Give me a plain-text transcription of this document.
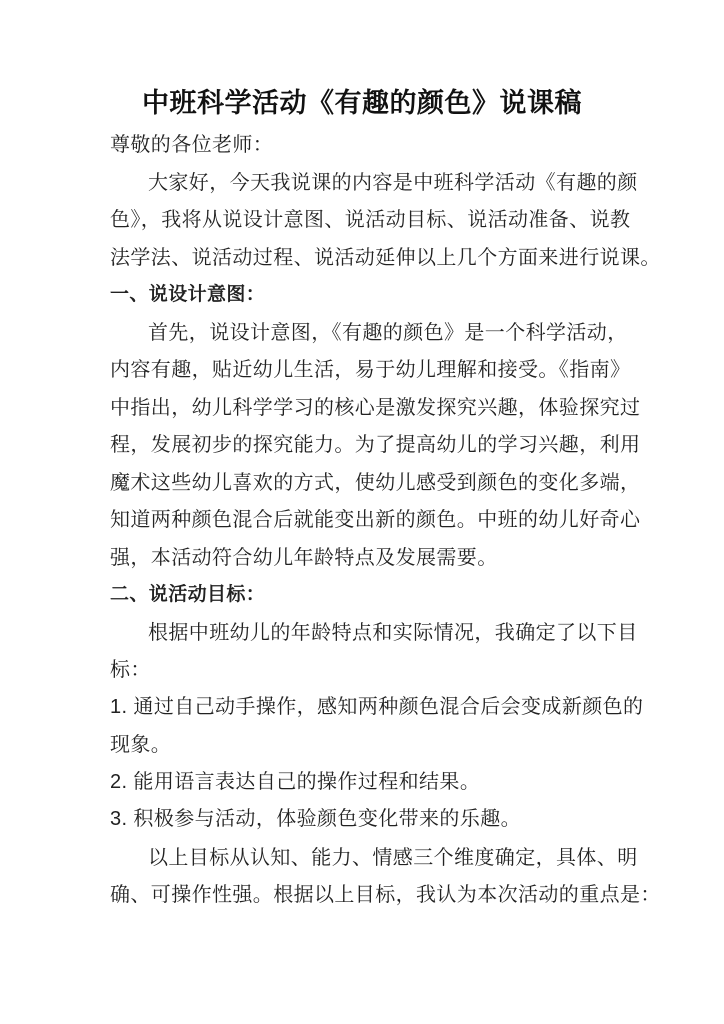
中班科学活动《有趣的颜色》说课稿
尊敬的各位老师：
大家好，今天我说课的内容是中班科学活动《有趣的颜
色》，我将从说设计意图、说活动目标、说活动准备、说教
法学法、说活动过程、说活动延伸以上几个方面来进行说课。
一、说设计意图：
首先，说设计意图，《有趣的颜色》是一个科学活动，
内容有趣，贴近幼儿生活，易于幼儿理解和接受。《指南》
中指出，幼儿科学学习的核心是激发探究兴趣，体验探究过
程，发展初步的探究能力。为了提高幼儿的学习兴趣，利用
魔术这些幼儿喜欢的方式，使幼儿感受到颜色的变化多端，
知道两种颜色混合后就能变出新的颜色。中班的幼儿好奇心
强，本活动符合幼儿年龄特点及发展需要。
二、说活动目标：
根据中班幼儿的年龄特点和实际情况，我确定了以下目
标：
1. 通过自己动手操作，感知两种颜色混合后会变成新颜色的
现象。
2. 能用语言表达自己的操作过程和结果。
3. 积极参与活动，体验颜色变化带来的乐趣。
以上目标从认知、能力、情感三个维度确定，具体、明
确、可操作性强。根据以上目标，我认为本次活动的重点是：
